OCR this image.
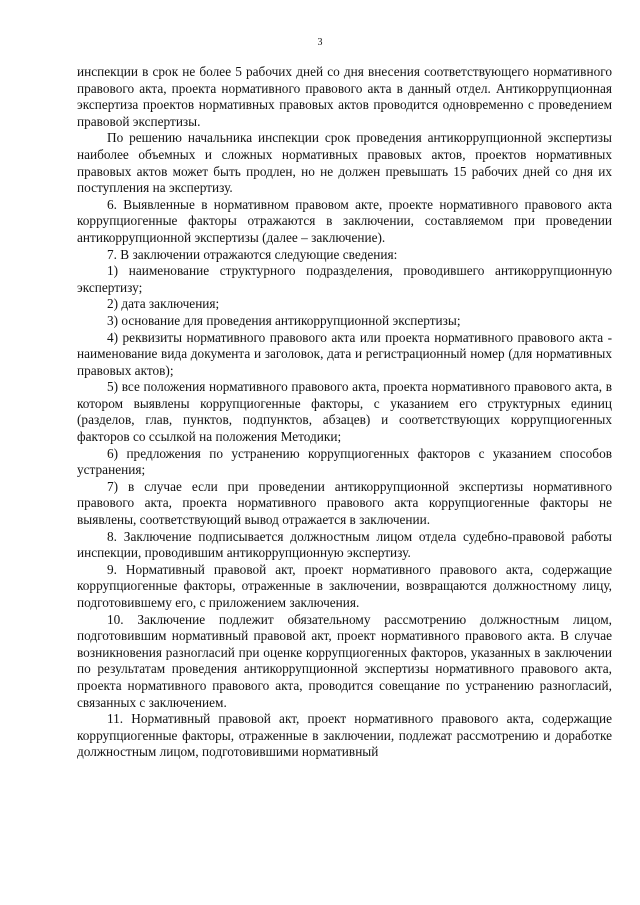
3

инспекции в срок не более 5 рабочих дней со дня внесения соответствующего нормативного правового акта, проекта нормативного правового акта в данный отдел. Антикоррупционная экспертиза проектов нормативных правовых актов проводится одновременно с проведением правовой экспертизы.

По решению начальника инспекции срок проведения антикоррупционной экспертизы наиболее объемных и сложных нормативных правовых актов, проектов нормативных правовых актов может быть продлен, но не должен превышать 15 рабочих дней со дня их поступления на экспертизу.

6. Выявленные в нормативном правовом акте, проекте нормативного правового акта коррупциогенные факторы отражаются в заключении, составляемом при проведении антикоррупционной экспертизы (далее – заключение).

7. В заключении отражаются следующие сведения:

1) наименование структурного подразделения, проводившего антикоррупционную экспертизу;

2) дата заключения;

3) основание для проведения антикоррупционной экспертизы;

4) реквизиты нормативного правового акта или проекта нормативного правового акта - наименование вида документа и заголовок, дата и регистрационный номер (для нормативных правовых актов);

5) все положения нормативного правового акта, проекта нормативного правового акта, в котором выявлены коррупциогенные факторы, с указанием его структурных единиц (разделов, глав, пунктов, подпунктов, абзацев) и соответствующих коррупциогенных факторов со ссылкой на положения Методики;

6) предложения по устранению коррупциогенных факторов с указанием способов устранения;

7) в случае если при проведении антикоррупционной экспертизы нормативного правового акта, проекта нормативного правового акта коррупциогенные факторы не выявлены, соответствующий вывод отражается в заключении.

8. Заключение подписывается должностным лицом отдела судебно-правовой работы инспекции, проводившим антикоррупционную экспертизу.

9. Нормативный правовой акт, проект нормативного правового акта, содержащие коррупциогенные факторы, отраженные в заключении, возвращаются должностному лицу, подготовившему его, с приложением заключения.

10. Заключение подлежит обязательному рассмотрению должностным лицом, подготовившим нормативный правовой акт, проект нормативного правового акта. В случае возникновения разногласий при оценке коррупциогенных факторов, указанных в заключении по результатам проведения антикоррупционной экспертизы нормативного правового акта, проекта нормативного правового акта, проводится совещание по устранению разногласий, связанных с заключением.

11. Нормативный правовой акт, проект нормативного правового акта, содержащие коррупциогенные факторы, отраженные в заключении, подлежат рассмотрению и доработке должностным лицом, подготовившими нормативный
